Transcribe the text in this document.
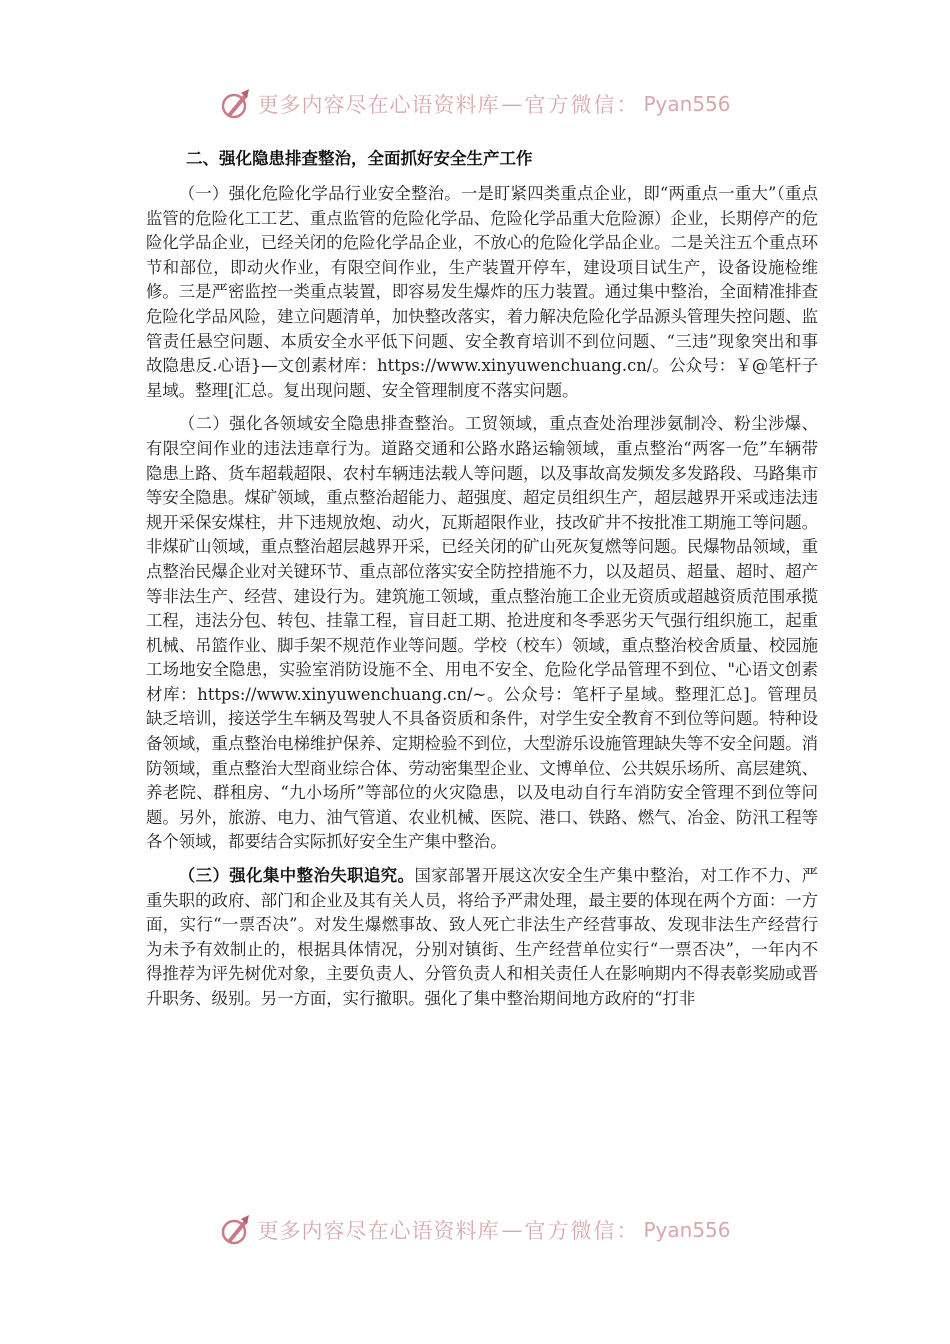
更多内容尽在心语资料库 — 官方微信： Pyan556
二、强化隐患排查整治，全面抓好安全生产工作

（一）强化危险化学品行业安全整治。一是盯紧四类重点企业，即“两重点一重大”（重点监管的危险化工工艺、重点监管的危险化学品、危险化学品重大危险源）企业，长期停产的危险化学品企业，已经关闭的危险化学品企业，不放心的危险化学品企业。二是关注五个重点环节和部位，即动火作业，有限空间作业，生产装置开停车，建设项目试生产，设备设施检维修。三是严密监控一类重点装置，即容易发生爆炸的压力装置。通过集中整治，全面精准排查危险化学品风险，建立问题清单，加快整改落实，着力解决危险化学品源头管理失控问题、监管责任悬空问题、本质安全水平低下问题、安全教育培训不到位问题、“三违”现象突出和事故隐患反.心语}—文创素材库：https://www.xinyuwenchuang.cn/。公众号：￥@笔杆子星域。整理[汇总。复出现问题、安全管理制度不落实问题。

（二）强化各领域安全隐患排查整治。工贸领域，重点查处治理涉氨制冷、粉尘涉爆、有限空间作业的违法违章行为。道路交通和公路水路运输领域，重点整治“两客一危”车辆带隐患上路、货车超载超限、农村车辆违法载人等问题，以及事故高发频发多发路段、马路集市等安全隐患。煤矿领域，重点整治超能力、超强度、超定员组织生产，超层越界开采或违法违规开采保安煤柱，井下违规放炮、动火，瓦斯超限作业，技改矿井不按批准工期施工等问题。非煤矿山领域，重点整治超层越界开采，已经关闭的矿山死灰复燃等问题。民爆物品领域，重点整治民爆企业对关键环节、重点部位落实安全防控措施不力，以及超员、超量、超时、超产等非法生产、经营、建设行为。建筑施工领域，重点整治施工企业无资质或超越资质范围承揽工程，违法分包、转包、挂靠工程，盲目赶工期、抢进度和冬季恶劣天气强行组织施工，起重机械、吊篮作业、脚手架不规范作业等问题。学校（校车）领域，重点整治校舍质量、校园施工场地安全隐患，实验室消防设施不全、用电不安全、危险化学品管理不到位、"心语文创素材库：https://www.xinyuwenchuang.cn/~。公众号：笔杆子星域。整理汇总]。管理员缺乏培训，接送学生车辆及驾驶人不具备资质和条件，对学生安全教育不到位等问题。特种设备领域，重点整治电梯维护保养、定期检验不到位，大型游乐设施管理缺失等不安全问题。消防领域，重点整治大型商业综合体、劳动密集型企业、文博单位、公共娱乐场所、高层建筑、养老院、群租房、“九小场所”等部位的火灾隐患，以及电动自行车消防安全管理不到位等问题。另外，旅游、电力、油气管道、农业机械、医院、港口、铁路、燃气、冶金、防汛工程等各个领域，都要结合实际抓好安全生产集中整治。

（三）强化集中整治失职追究。国家部署开展这次安全生产集中整治，对工作不力、严重失职的政府、部门和企业及其有关人员，将给予严肃处理，最主要的体现在两个方面：一方面，实行“一票否决”。对发生爆燃事故、致人死亡非法生产经营事故、发现非法生产经营行为未予有效制止的，根据具体情况，分别对镇街、生产经营单位实行“一票否决”，一年内不得推荐为评先树优对象，主要负责人、分管负责人和相关责任人在影响期内不得表彰奖励或晋升职务、级别。另一方面，实行撤职。强化了集中整治期间地方政府的“打非

更多内容尽在心语资料库 — 官方微信： Pyan556
